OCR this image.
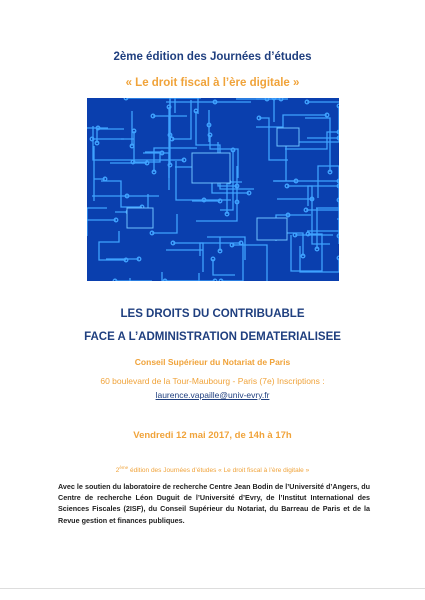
2ème édition des Journées d’études
« Le droit fiscal à l’ère digitale »
LES DROITS DU CONTRIBUABLE
FACE A L’ADMINISTRATION DEMATERIALISEE
Conseil Supérieur du Notariat de Paris
60 boulevard de la Tour-Maubourg - Paris (7e) Inscriptions :
laurence.vapaille@univ-evry.fr
Vendredi 12 mai 2017, de 14h à 17h
2ème édition des Journées d’études « Le droit fiscal à l’ère digitale »
Avec le soutien du laboratoire de recherche Centre Jean Bodin de l’Université d’Angers, du Centre de recherche Léon Duguit de l’Université d’Evry, de l’Institut International des Sciences Fiscales (2ISF), du Conseil Supérieur du Notariat, du Barreau de Paris et de la Revue gestion et finances publiques.
